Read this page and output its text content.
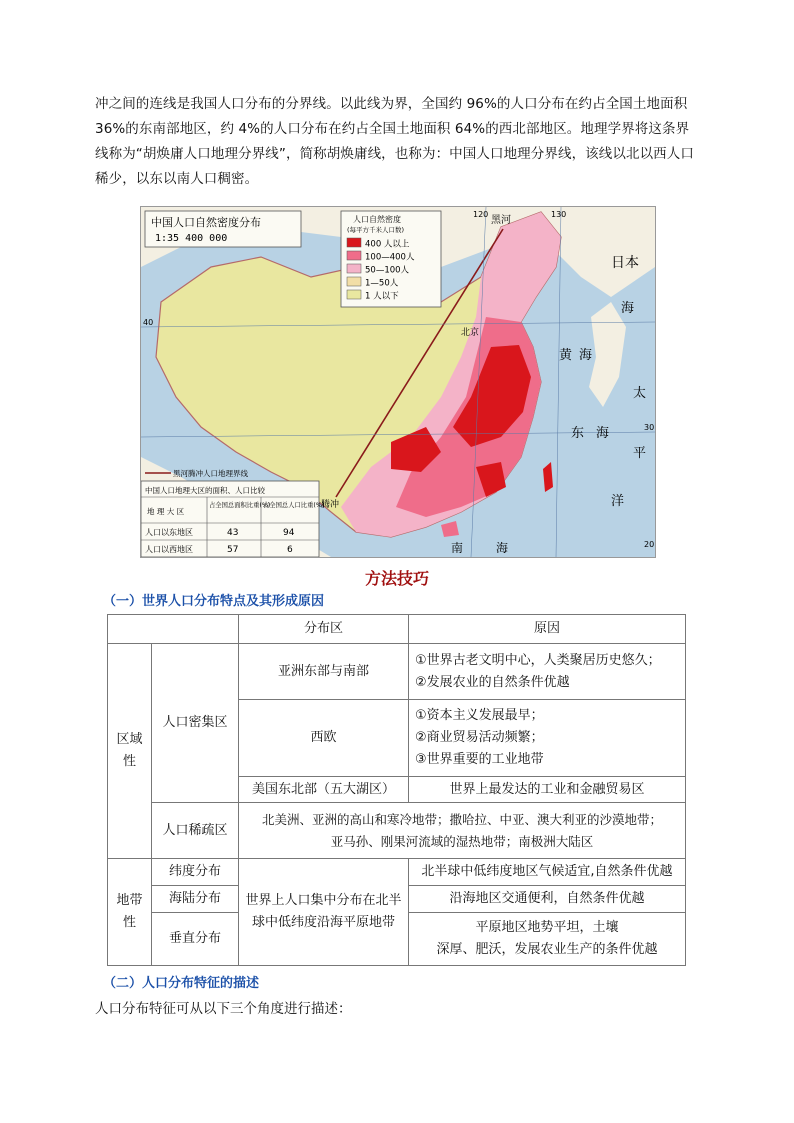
冲之间的连线是我国人口分布的分界线。以此线为界，全国约 96%的人口分布在约占全国土地面积 36%的东南部地区，约 4%的人口分布在约占全国土地面积 64%的西北部地区。地理学界将这条界线称为“胡焕庸人口地理分界线”，简称胡焕庸线，也称为：中国人口地理分界线，该线以北以西人口稀少，以东以南人口稠密。
中国人口自然密度分布
1:35 400 000
人口自然密度
(每平方千米人口数)
400 人以上
100—400人
50—100人
1—50人
1 人以下
黑河
腾冲
北京
日本
海
黄 海
东 海
太
平
洋
南	海
120	130
40
30
20
黑河腾冲人口地理界线
中国人口地理大区的面积、人口比较
地 理 大 区
占全国总面积比重(%)
占全国总人口比重(%)
人口以东地区	43	94
人口以西地区	57	6
方法技巧
（一）世界人口分布特点及其形成原因
		分布区	原因
区域性	人口密集区	亚洲东部与南部	①世界古老文明中心，人类聚居历史悠久；
②发展农业的自然条件优越

		西欧	①资本主义发展最早；
②商业贸易活动频繁；
③世界重要的工业地带

		美国东北部（五大湖区）	世界上最发达的工业和金融贸易区
	人口稀疏区	北美洲、亚洲的高山和寒冷地带；撒哈拉、中亚、澳大利亚的沙漠地带；
亚马孙、刚果河流域的湿热地带；南极洲大陆区	

地带性	纬度分布	世界上人口集中分布在北半
球中低纬度沿海平原地带	北半球中低纬度地区气候适宜,自然条件优越
	海陆分布		沿海地区交通便利，自然条件优越
	垂直分布		平原地区地势平坦，土壤
深厚、肥沃，发展农业生产的条件优越
（二）人口分布特征的描述
人口分布特征可从以下三个角度进行描述：
